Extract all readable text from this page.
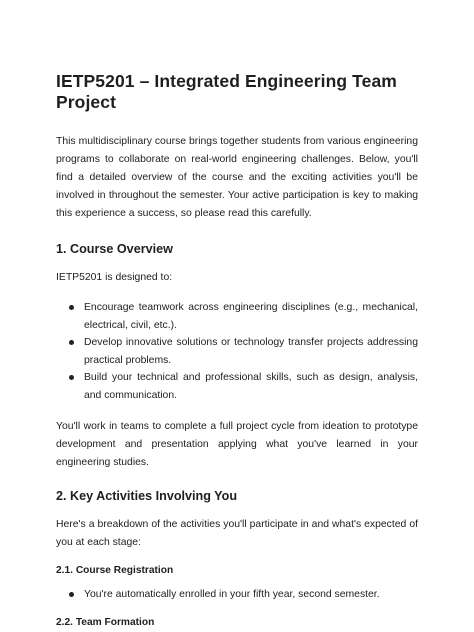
IETP5201 – Integrated Engineering Team Project

This multidisciplinary course brings together students from various engineering programs to collaborate on real-world engineering challenges. Below, you'll find a detailed overview of the course and the exciting activities you'll be involved in throughout the semester. Your active participation is key to making this experience a success, so please read this carefully.

1. Course Overview

IETP5201 is designed to:

Encourage teamwork across engineering disciplines (e.g., mechanical, electrical, civil, etc.).
Develop innovative solutions or technology transfer projects addressing practical problems.
Build your technical and professional skills, such as design, analysis, and communication.

You'll work in teams to complete a full project cycle from ideation to prototype development and presentation applying what you've learned in your engineering studies.

2. Key Activities Involving You

Here's a breakdown of the activities you'll participate in and what's expected of you at each stage:

2.1. Course Registration
You're automatically enrolled in your fifth year, second semester.
2.2. Team Formation
